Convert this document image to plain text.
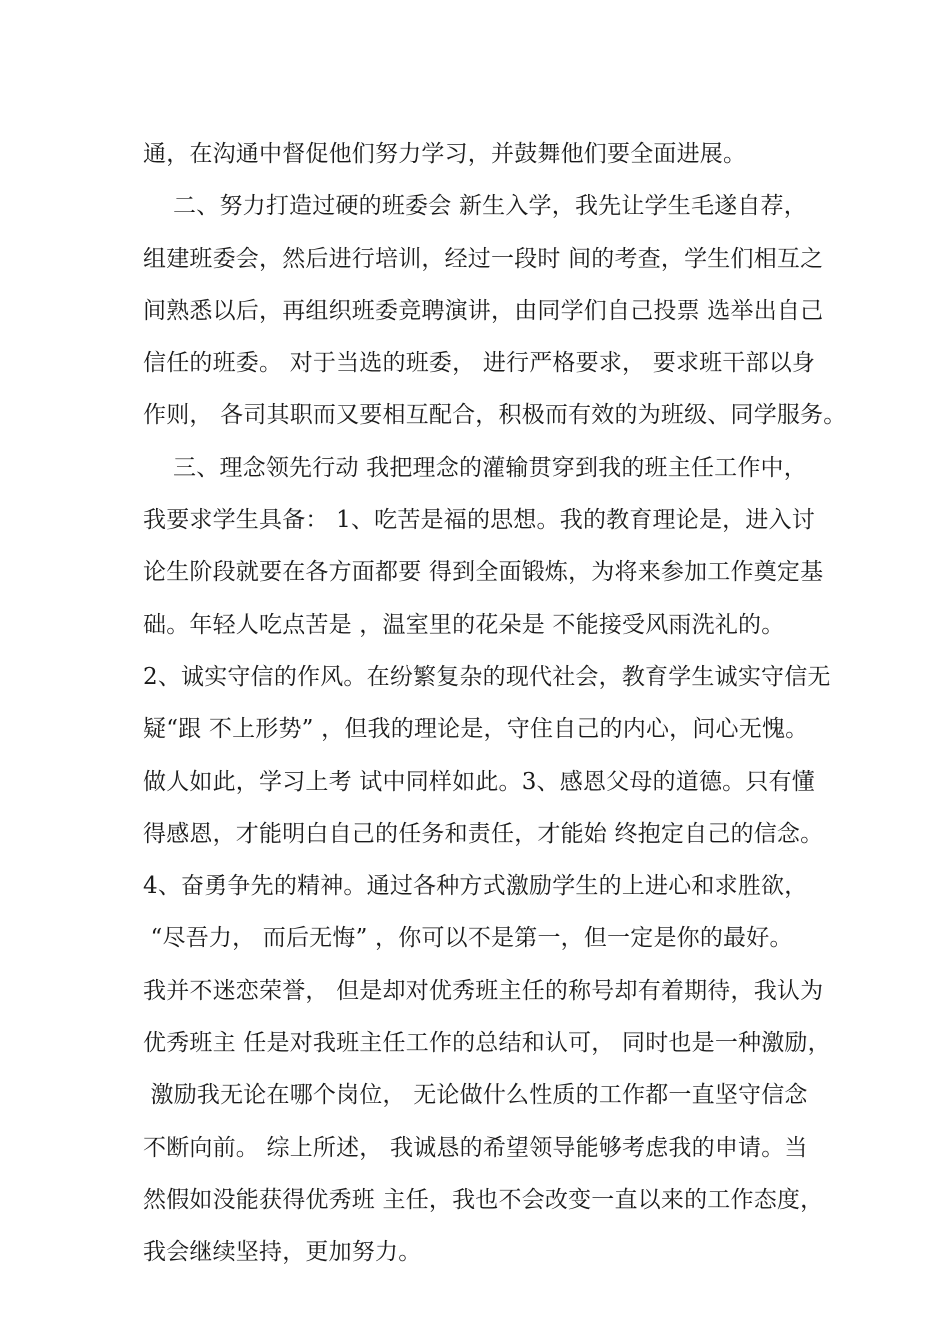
通，在沟通中督促他们努力学习，并鼓舞他们要全面进展。
二、努力打造过硬的班委会 新生入学，我先让学生毛遂自荐，
组建班委会，然后进行培训，经过一段时 间的考查，学生们相互之
间熟悉以后，再组织班委竞聘演讲，由同学们自己投票 选举出自己
信任的班委。 对于当选的班委， 进行严格要求， 要求班干部以身
作则， 各司其职而又要相互配合，积极而有效的为班级、同学服务。
三、理念领先行动 我把理念的灌输贯穿到我的班主任工作中，
我要求学生具备： 1、吃苦是福的思想。我的教育理论是，进入讨
论生阶段就要在各方面都要 得到全面锻炼，为将来参加工作奠定基
础。年轻人吃点苦是 ，温室里的花朵是 不能接受风雨洗礼的。
2、诚实守信的作风。在纷繁复杂的现代社会，教育学生诚实守信无
疑“跟 不上形势” ，但我的理论是，守住自己的内心，问心无愧。
做人如此，学习上考 试中同样如此。3、感恩父母的道德。只有懂
得感恩，才能明白自己的任务和责任，才能始 终抱定自己的信念。
4、奋勇争先的精神。通过各种方式激励学生的上进心和求胜欲，
“尽吾力， 而后无悔” ，你可以不是第一，但一定是你的最好。
我并不迷恋荣誉， 但是却对优秀班主任的称号却有着期待，我认为
优秀班主 任是对我班主任工作的总结和认可， 同时也是一种激励，
激励我无论在哪个岗位， 无论做什么性质的工作都一直坚守信念
不断向前。 综上所述， 我诚恳的希望领导能够考虑我的申请。当
然假如没能获得优秀班 主任，我也不会改变一直以来的工作态度，
我会继续坚持，更加努力。
